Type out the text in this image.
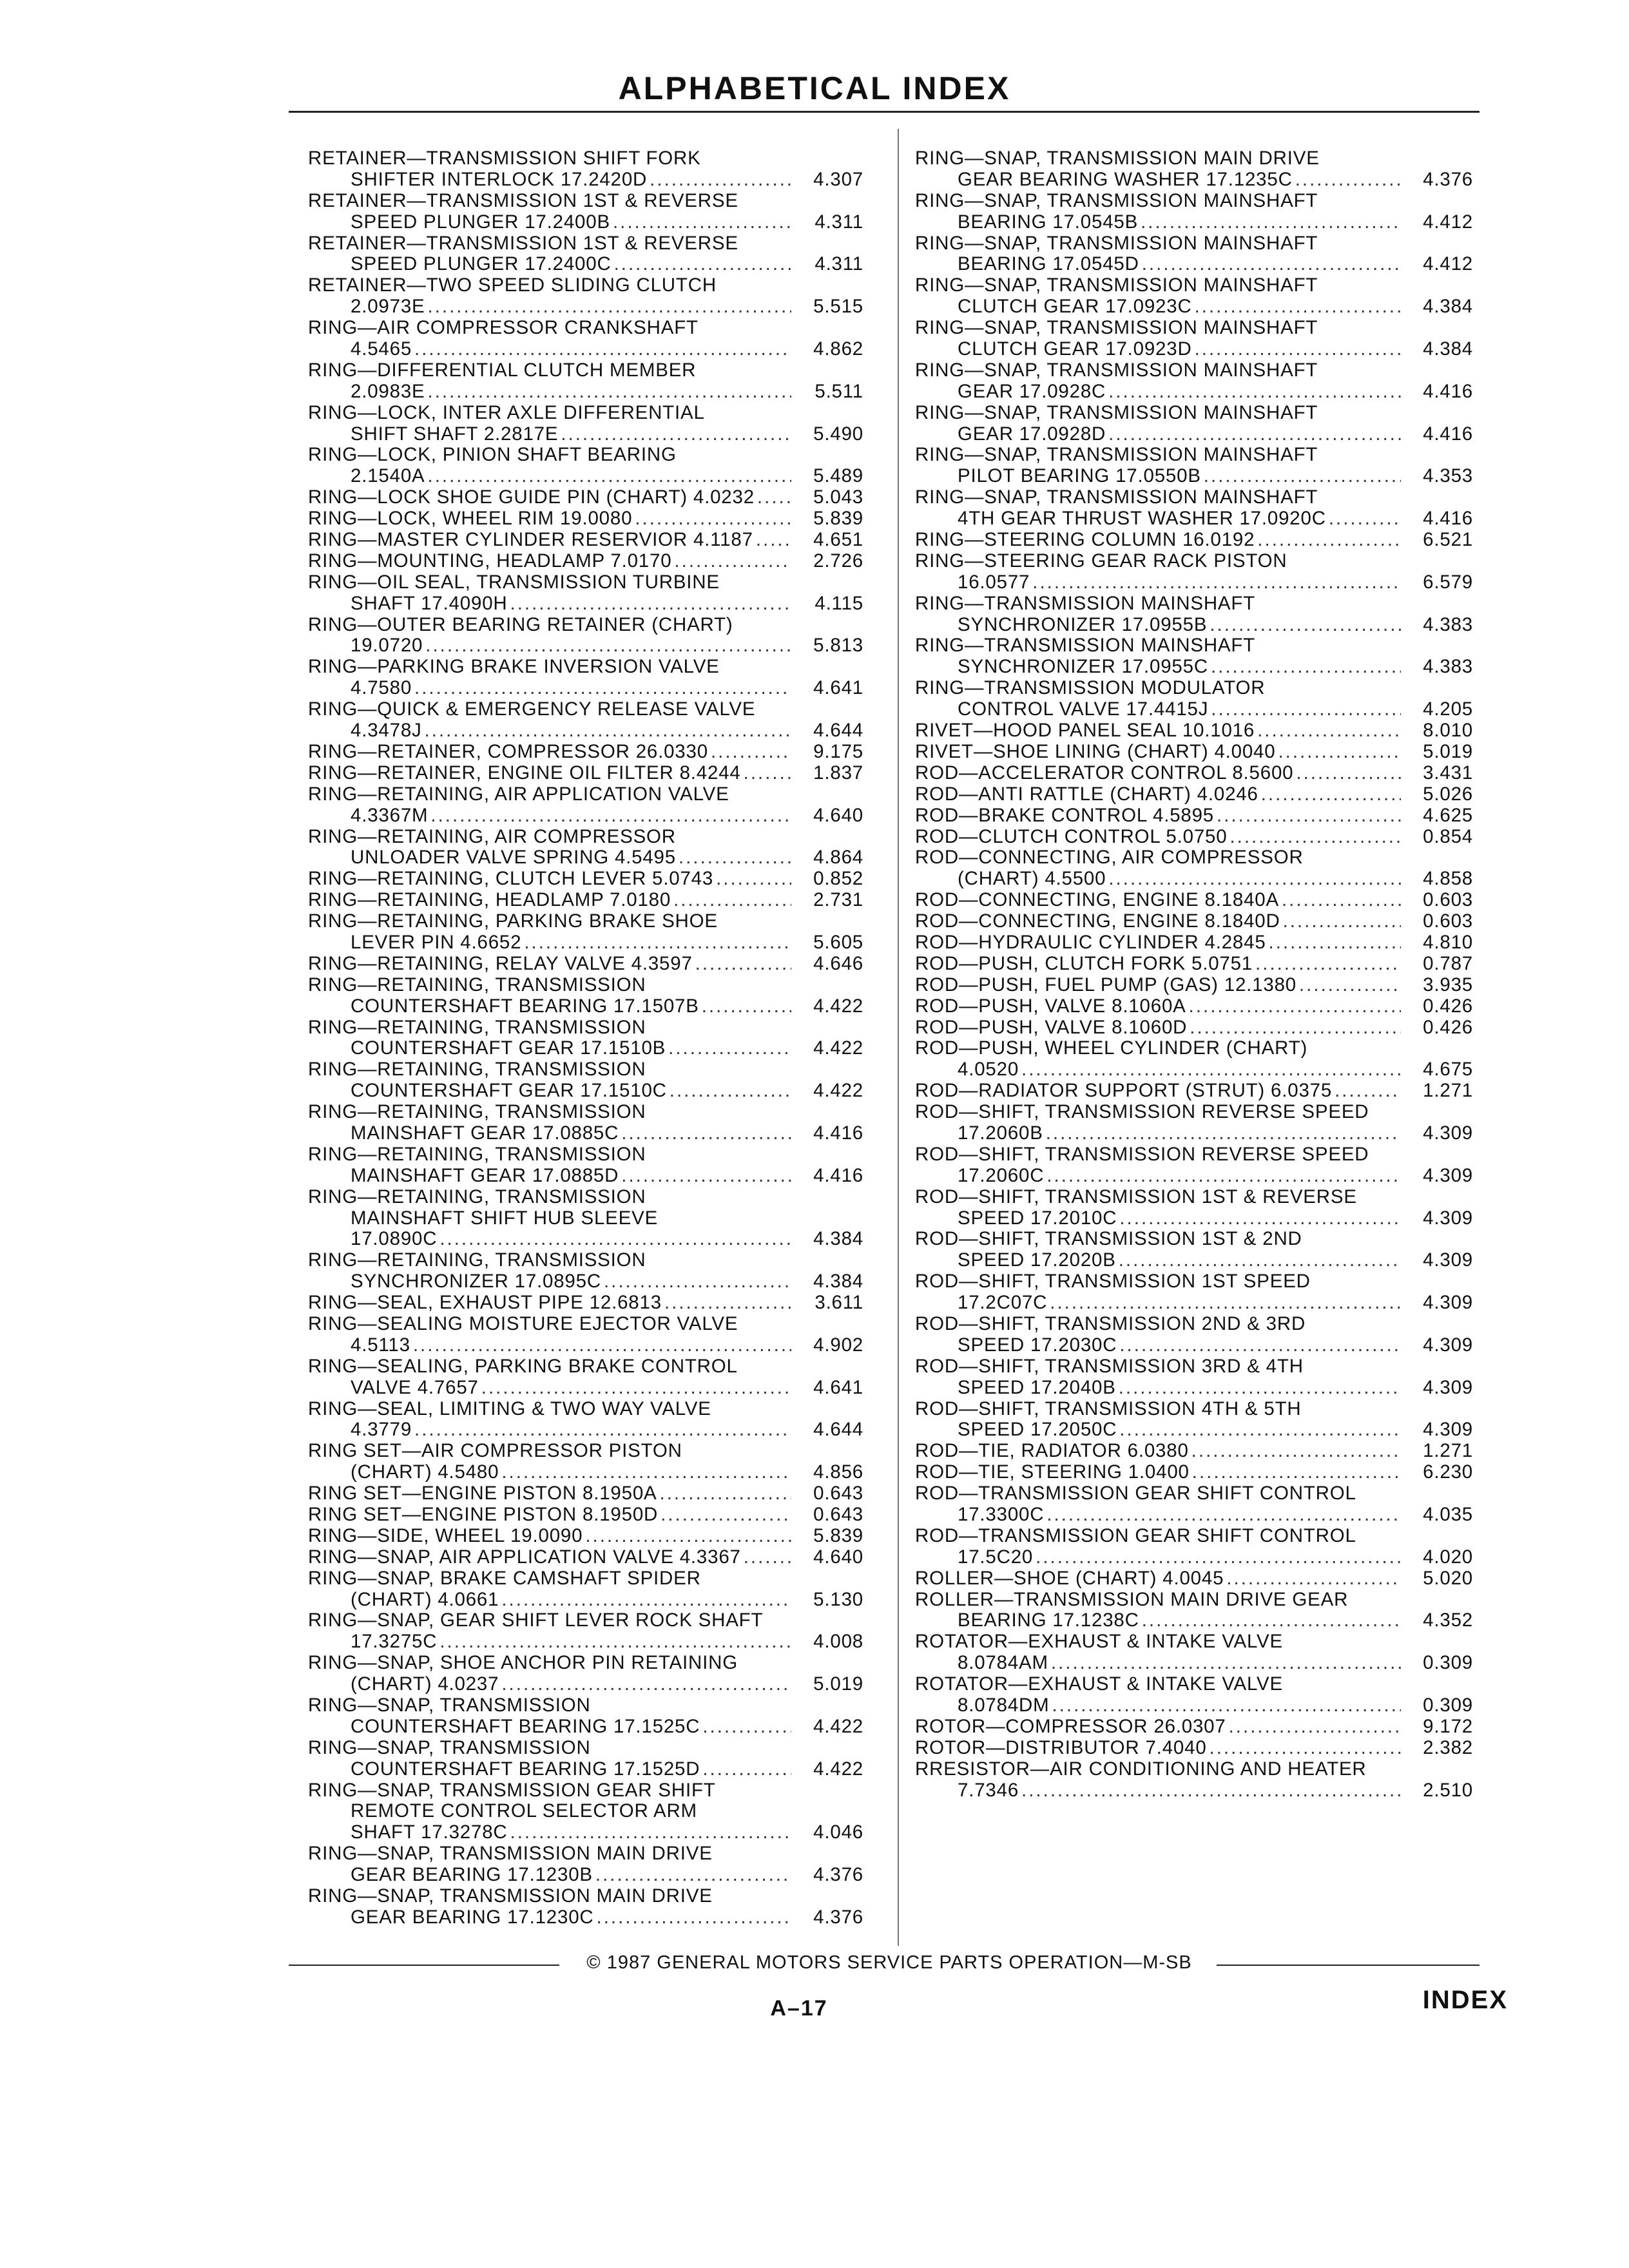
ALPHABETICAL INDEX
RETAINER—TRANSMISSION SHIFT FORK
SHIFTER INTERLOCK 17.2420D .....	4.307
RETAINER—TRANSMISSION 1ST & REVERSE
SPEED PLUNGER 17.2400B .....	4.311
RETAINER—TRANSMISSION 1ST & REVERSE
SPEED PLUNGER 17.2400C .....	4.311
RETAINER—TWO SPEED SLIDING CLUTCH
2.0973E .....	5.515
RING—AIR COMPRESSOR CRANKSHAFT
4.5465 .....	4.862
RING—DIFFERENTIAL CLUTCH MEMBER
2.0983E .....	5.511
RING—LOCK, INTER AXLE DIFFERENTIAL
SHIFT SHAFT 2.2817E .....	5.490
RING—LOCK, PINION SHAFT BEARING
2.1540A .....	5.489
RING—LOCK SHOE GUIDE PIN (CHART) 4.0232 .....	5.043
RING—LOCK, WHEEL RIM 19.0080 .....	5.839
RING—MASTER CYLINDER RESERVIOR 4.1187 .....	4.651
RING—MOUNTING, HEADLAMP 7.0170 .....	2.726
RING—OIL SEAL, TRANSMISSION TURBINE
SHAFT 17.4090H .....	4.115
RING—OUTER BEARING RETAINER (CHART)
19.0720 .....	5.813
RING—PARKING BRAKE INVERSION VALVE
4.7580 .....	4.641
RING—QUICK & EMERGENCY RELEASE VALVE
4.3478J .....	4.644
RING—RETAINER, COMPRESSOR 26.0330 .....	9.175
RING—RETAINER, ENGINE OIL FILTER 8.4244 .....	1.837
RING—RETAINING, AIR APPLICATION VALVE
4.3367M .....	4.640
RING—RETAINING, AIR COMPRESSOR
UNLOADER VALVE SPRING 4.5495 .....	4.864
RING—RETAINING, CLUTCH LEVER 5.0743 .....	0.852
RING—RETAINING, HEADLAMP 7.0180 .....	2.731
RING—RETAINING, PARKING BRAKE SHOE
LEVER PIN 4.6652 .....	5.605
RING—RETAINING, RELAY VALVE 4.3597 .....	4.646
RING—RETAINING, TRANSMISSION
COUNTERSHAFT BEARING 17.1507B .....	4.422
RING—RETAINING, TRANSMISSION
COUNTERSHAFT GEAR 17.1510B .....	4.422
RING—RETAINING, TRANSMISSION
COUNTERSHAFT GEAR 17.1510C .....	4.422
RING—RETAINING, TRANSMISSION
MAINSHAFT GEAR 17.0885C .....	4.416
RING—RETAINING, TRANSMISSION
MAINSHAFT GEAR 17.0885D .....	4.416
RING—RETAINING, TRANSMISSION
MAINSHAFT SHIFT HUB SLEEVE
17.0890C .....	4.384
RING—RETAINING, TRANSMISSION
SYNCHRONIZER 17.0895C .....	4.384
RING—SEAL, EXHAUST PIPE 12.6813 .....	3.611
RING—SEALING MOISTURE EJECTOR VALVE
4.5113 .....	4.902
RING—SEALING, PARKING BRAKE CONTROL
VALVE 4.7657 .....	4.641
RING—SEAL, LIMITING & TWO WAY VALVE
4.3779 .....	4.644
RING SET—AIR COMPRESSOR PISTON
(CHART) 4.5480 .....	4.856
RING SET—ENGINE PISTON 8.1950A .....	0.643
RING SET—ENGINE PISTON 8.1950D .....	0.643
RING—SIDE, WHEEL 19.0090 .....	5.839
RING—SNAP, AIR APPLICATION VALVE 4.3367 .....	4.640
RING—SNAP, BRAKE CAMSHAFT SPIDER
(CHART) 4.0661 .....	5.130
RING—SNAP, GEAR SHIFT LEVER ROCK SHAFT
17.3275C .....	4.008
RING—SNAP, SHOE ANCHOR PIN RETAINING
(CHART) 4.0237 .....	5.019
RING—SNAP, TRANSMISSION
COUNTERSHAFT BEARING 17.1525C .....	4.422
RING—SNAP, TRANSMISSION
COUNTERSHAFT BEARING 17.1525D .....	4.422
RING—SNAP, TRANSMISSION GEAR SHIFT
REMOTE CONTROL SELECTOR ARM
SHAFT 17.3278C .....	4.046
RING—SNAP, TRANSMISSION MAIN DRIVE
GEAR BEARING 17.1230B .....	4.376
RING—SNAP, TRANSMISSION MAIN DRIVE
GEAR BEARING 17.1230C .....	4.376
RING—SNAP, TRANSMISSION MAIN DRIVE
GEAR BEARING WASHER 17.1235C .....	4.376
RING—SNAP, TRANSMISSION MAINSHAFT
BEARING 17.0545B .....	4.412
RING—SNAP, TRANSMISSION MAINSHAFT
BEARING 17.0545D .....	4.412
RING—SNAP, TRANSMISSION MAINSHAFT
CLUTCH GEAR 17.0923C .....	4.384
RING—SNAP, TRANSMISSION MAINSHAFT
CLUTCH GEAR 17.0923D .....	4.384
RING—SNAP, TRANSMISSION MAINSHAFT
GEAR 17.0928C .....	4.416
RING—SNAP, TRANSMISSION MAINSHAFT
GEAR 17.0928D .....	4.416
RING—SNAP, TRANSMISSION MAINSHAFT
PILOT BEARING 17.0550B .....	4.353
RING—SNAP, TRANSMISSION MAINSHAFT
4TH GEAR THRUST WASHER 17.0920C .....	4.416
RING—STEERING COLUMN 16.0192 .....	6.521
RING—STEERING GEAR RACK PISTON
16.0577 .....	6.579
RING—TRANSMISSION MAINSHAFT
SYNCHRONIZER 17.0955B .....	4.383
RING—TRANSMISSION MAINSHAFT
SYNCHRONIZER 17.0955C .....	4.383
RING—TRANSMISSION MODULATOR
CONTROL VALVE 17.4415J .....	4.205
RIVET—HOOD PANEL SEAL 10.1016 .....	8.010
RIVET—SHOE LINING (CHART) 4.0040 .....	5.019
ROD—ACCELERATOR CONTROL 8.5600 .....	3.431
ROD—ANTI RATTLE (CHART) 4.0246 .....	5.026
ROD—BRAKE CONTROL 4.5895 .....	4.625
ROD—CLUTCH CONTROL 5.0750 .....	0.854
ROD—CONNECTING, AIR COMPRESSOR
(CHART) 4.5500 .....	4.858
ROD—CONNECTING, ENGINE 8.1840A .....	0.603
ROD—CONNECTING, ENGINE 8.1840D .....	0.603
ROD—HYDRAULIC CYLINDER 4.2845 .....	4.810
ROD—PUSH, CLUTCH FORK 5.0751 .....	0.787
ROD—PUSH, FUEL PUMP (GAS) 12.1380 .....	3.935
ROD—PUSH, VALVE 8.1060A .....	0.426
ROD—PUSH, VALVE 8.1060D .....	0.426
ROD—PUSH, WHEEL CYLINDER (CHART)
4.0520 .....	4.675
ROD—RADIATOR SUPPORT (STRUT) 6.0375 .....	1.271
ROD—SHIFT, TRANSMISSION REVERSE SPEED
17.2060B .....	4.309
ROD—SHIFT, TRANSMISSION REVERSE SPEED
17.2060C .....	4.309
ROD—SHIFT, TRANSMISSION 1ST & REVERSE
SPEED 17.2010C .....	4.309
ROD—SHIFT, TRANSMISSION 1ST & 2ND
SPEED 17.2020B .....	4.309
ROD—SHIFT, TRANSMISSION 1ST SPEED
17.2C07C .....	4.309
ROD—SHIFT, TRANSMISSION 2ND & 3RD
SPEED 17.2030C .....	4.309
ROD—SHIFT, TRANSMISSION 3RD & 4TH
SPEED 17.2040B .....	4.309
ROD—SHIFT, TRANSMISSION 4TH & 5TH
SPEED 17.2050C .....	4.309
ROD—TIE, RADIATOR 6.0380 .....	1.271
ROD—TIE, STEERING 1.0400 .....	6.230
ROD—TRANSMISSION GEAR SHIFT CONTROL
17.3300C .....	4.035
ROD—TRANSMISSION GEAR SHIFT CONTROL
17.5C20 .....	4.020
ROLLER—SHOE (CHART) 4.0045 .....	5.020
ROLLER—TRANSMISSION MAIN DRIVE GEAR
BEARING 17.1238C .....	4.352
ROTATOR—EXHAUST & INTAKE VALVE
8.0784AM .....	0.309
ROTATOR—EXHAUST & INTAKE VALVE
8.0784DM .....	0.309
ROTOR—COMPRESSOR 26.0307 .....	9.172
ROTOR—DISTRIBUTOR 7.4040 .....	2.382
RRESISTOR—AIR CONDITIONING AND HEATER
7.7346 .....	2.510
© 1987 GENERAL MOTORS SERVICE PARTS OPERATION—M-SB
A–17	INDEX
